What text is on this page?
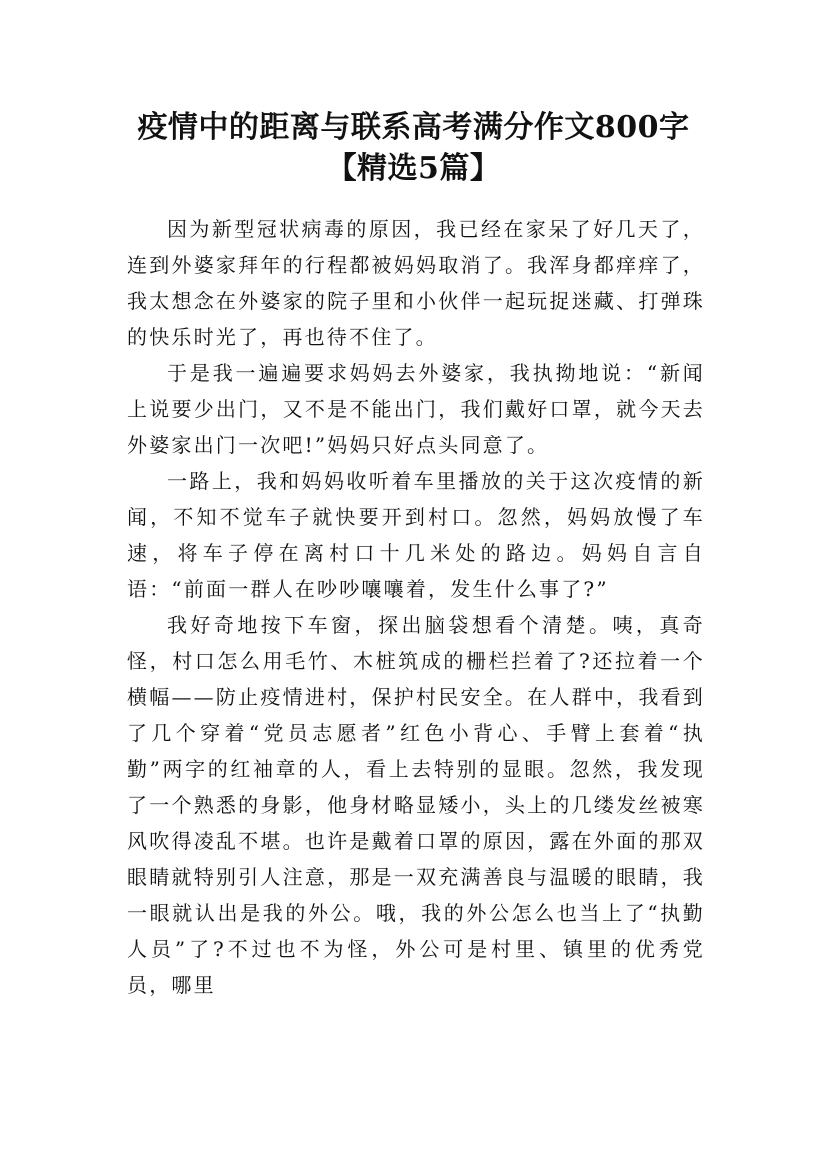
疫情中的距离与联系高考满分作文800字
【精选5篇】

因为新型冠状病毒的原因，我已经在家呆了好几天了，连到外婆家拜年的行程都被妈妈取消了。我浑身都痒痒了，我太想念在外婆家的院子里和小伙伴一起玩捉迷藏、打弹珠的快乐时光了，再也待不住了。

于是我一遍遍要求妈妈去外婆家，我执拗地说：“新闻上说要少出门，又不是不能出门，我们戴好口罩，就今天去外婆家出门一次吧!”妈妈只好点头同意了。

一路上，我和妈妈收听着车里播放的关于这次疫情的新闻，不知不觉车子就快要开到村口。忽然，妈妈放慢了车速，将车子停在离村口十几米处的路边。妈妈自言自语：“前面一群人在吵吵嚷嚷着，发生什么事了?”

我好奇地按下车窗，探出脑袋想看个清楚。咦，真奇怪，村口怎么用毛竹、木桩筑成的栅栏拦着了?还拉着一个横幅——防止疫情进村，保护村民安全。在人群中，我看到了几个穿着“党员志愿者”红色小背心、手臂上套着“执勤”两字的红袖章的人，看上去特别的显眼。忽然，我发现了一个熟悉的身影，他身材略显矮小，头上的几缕发丝被寒风吹得凌乱不堪。也许是戴着口罩的原因，露在外面的那双眼睛就特别引人注意，那是一双充满善良与温暖的眼睛，我一眼就认出是我的外公。哦，我的外公怎么也当上了“执勤人员”了?不过也不为怪，外公可是村里、镇里的优秀党员，哪里
